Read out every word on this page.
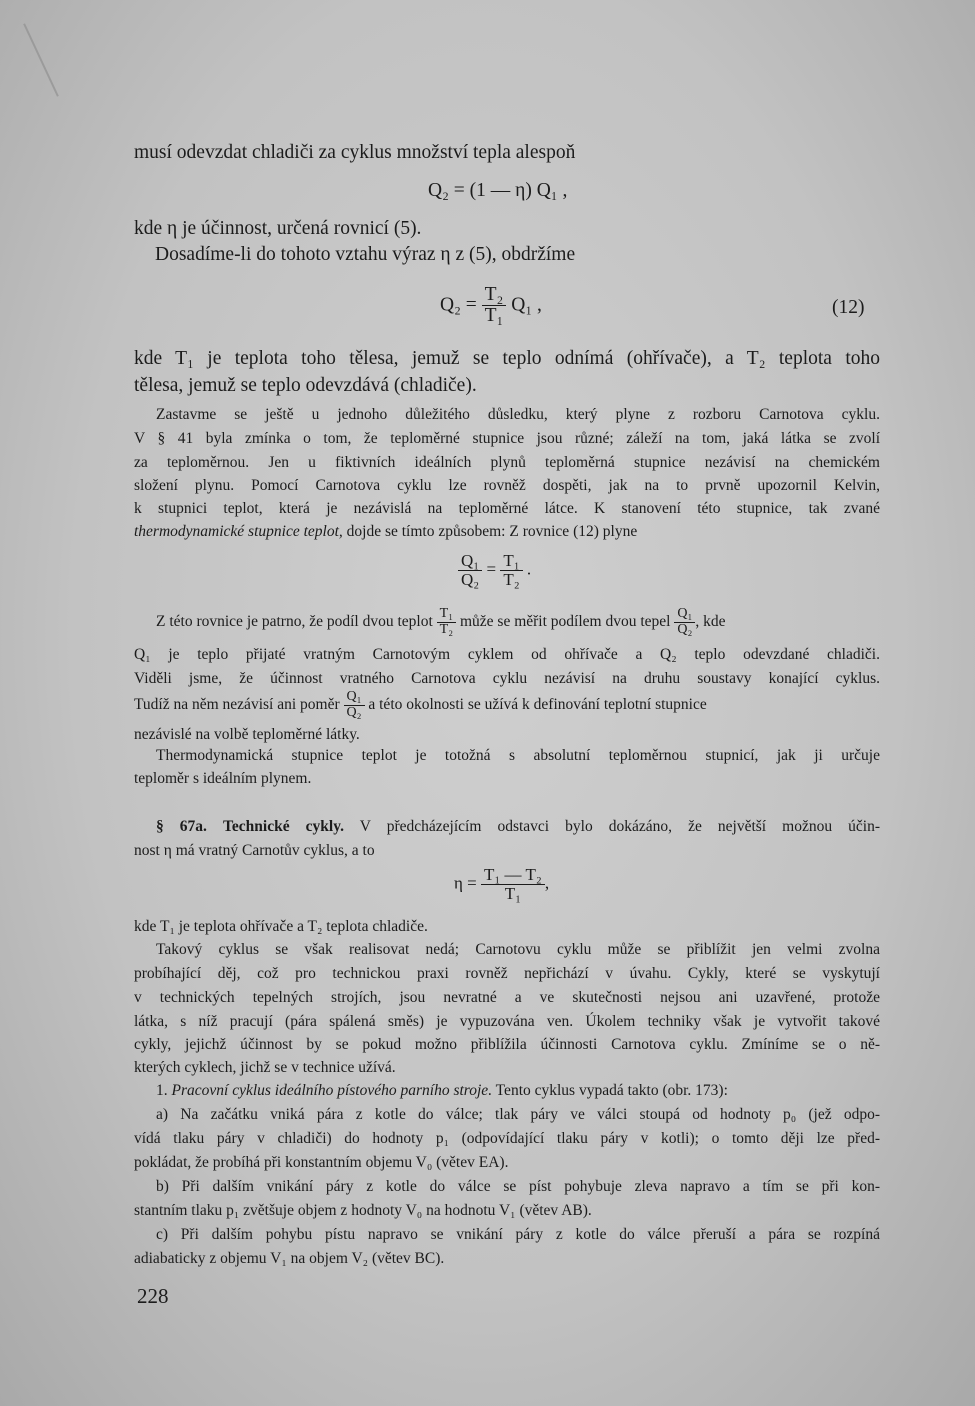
musí odevzdat chladiči za cyklus množství tepla alespoň
Q₂ = (1 — η) Q₁ ,
kde η je účinnost, určená rovnicí (5).
Dosadíme-li do tohoto vztahu výraz η z (5), obdržíme
$Q_2 = \frac{\text{T₂}}{\text{T₁}} Q_1$ ,	(12)
kde T₁ je teplota toho tělesa, jemuž se teplo odnímá (ohřívače), a T₂ teplota toho
tělesa, jemuž se teplo odevzdává (chladiče).
Zastavme se ještě u jednoho důležitého důsledku, který plyne z rozboru Carnotova cyklu.
V § 41 byla zmínka o tom, že teploměrné stupnice jsou různé; záleží na tom, jaká látka se zvolí
za teploměrnou. Jen u fiktivních ideálních plynů teploměrná stupnice nezávisí na chemickém
složení plynu. Pomocí Carnotova cyklu lze rovněž dospěti, jak na to prvně upozornil Kelvin,
k stupnici teplot, která je nezávislá na teploměrné látce. K stanovení této stupnice, tak zvané
thermodynamické stupnice teplot, dojde se tímto způsobem: Z rovnice (12) plyne
$\frac{\text{Q₁}}{\text{Q₂}} = \frac{\text{T₁}}{\text{T₂}}$ .
Z této rovnice je patrno, že podíl dvou teplot $\frac{\text{T₁}}{\text{T₂}}$ může se měřit podílem dvou tepel $\frac{\text{Q₁}}{\text{Q₂}}$ , kde
Q₁ je teplo přijaté vratným Carnotovým cyklem od ohřívače a Q₂ teplo odevzdané chladiči.
Viděli jsme, že účinnost vratného Carnotova cyklu nezávisí na druhu soustavy konající cyklus.
Tudíž na něm nezávisí ani poměr $\frac{\text{Q₁}}{\text{Q₂}}$ a této okolnosti se užívá k definování teplotní stupnice
nezávislé na volbě teploměrné látky.
Thermodynamická stupnice teplot je totožná s absolutní teploměrnou stupnicí, jak ji určuje
teploměr s ideálním plynem.
§ 67a. Technické cykly. V předcházejícím odstavci bylo dokázáno, že největší možnou účin-
nost η má vratný Carnotův cyklus, a to
$\eta = \frac{\text{T₁ — T₂}}{\text{T₁}}$ ,
kde T₁ je teplota ohřívače a T₂ teplota chladiče.
Takový cyklus se však realisovat nedá; Carnotovu cyklu může se přiblížit jen velmi zvolna
probíhající děj, což pro technickou praxi rovněž nepřichází v úvahu. Cykly, které se vyskytují
v technických tepelných strojích, jsou nevratné a ve skutečnosti nejsou ani uzavřené, protože
látka, s níž pracují (pára spálená směs) je vypuzována ven. Úkolem techniky však je vytvořit takové
cykly, jejichž účinnost by se pokud možno přiblížila účinnosti Carnotova cyklu. Zmíníme se o ně-
kterých cyklech, jichž se v technice užívá.
1. Pracovní cyklus ideálního pístového parního stroje. Tento cyklus vypadá takto (obr. 173):
a) Na začátku vniká pára z kotle do válce; tlak páry ve válci stoupá od hodnoty p₀ (jež odpo-
vídá tlaku páry v chladiči) do hodnoty p₁ (odpovídající tlaku páry v kotli); o tomto ději lze před-
pokládat, že probíhá při konstantním objemu V₀ (větev EA).
b) Při dalším vnikání páry z kotle do válce se píst pohybuje zleva napravo a tím se při kon-
stantním tlaku p₁ zvětšuje objem z hodnoty V₀ na hodnotu V₁ (větev AB).
c) Při dalším pohybu pístu napravo se vnikání páry z kotle do válce přeruší a pára se rozpíná
adiabaticky z objemu V₁ na objem V₂ (větev BC).
228
